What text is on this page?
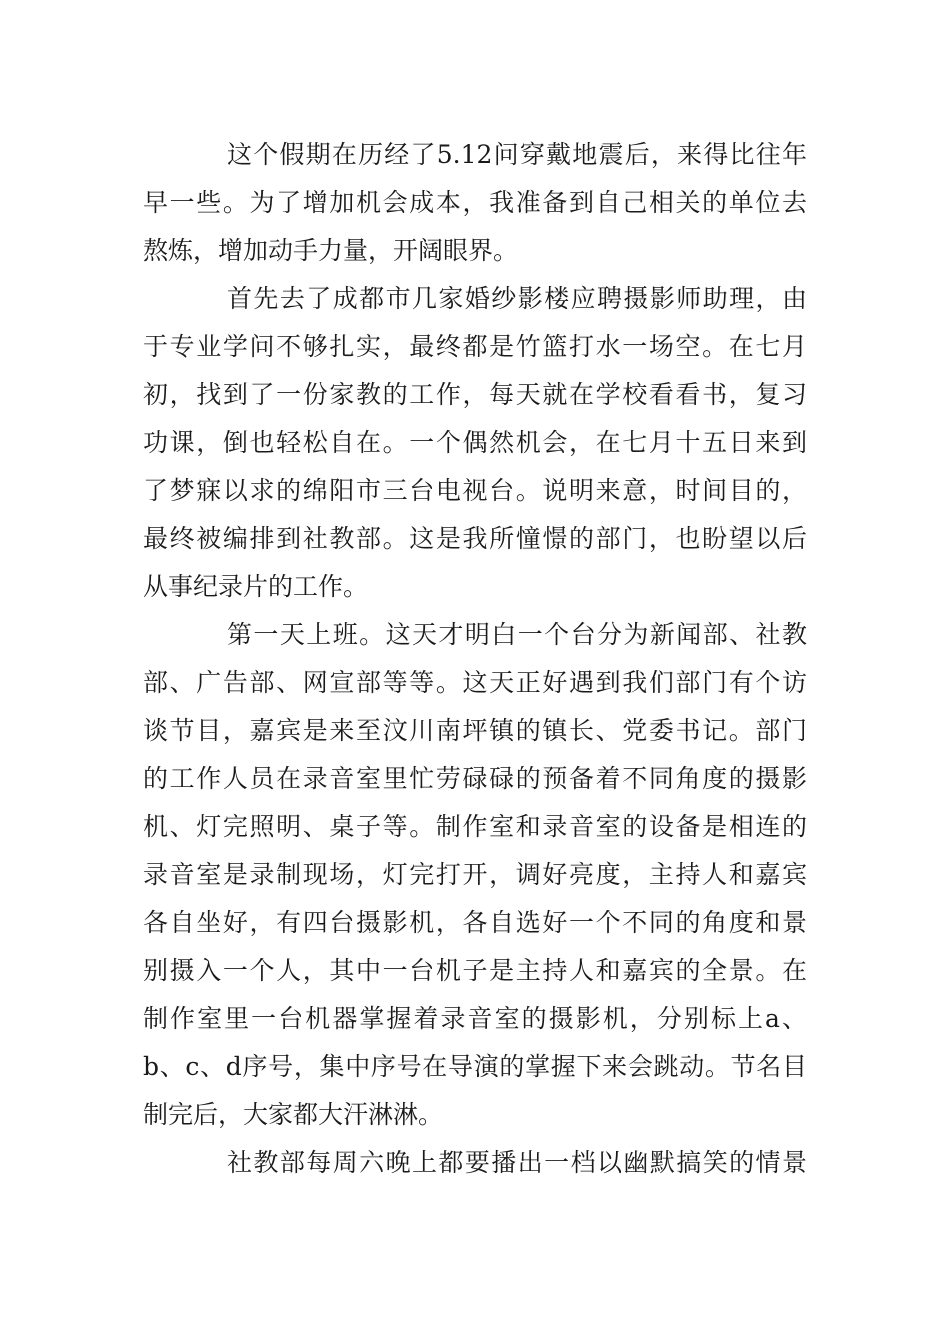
这个假期在历经了5.12问穿戴地震后，来得比往年
早一些。为了增加机会成本，我准备到自己相关的单位去
熬炼，增加动手力量，开阔眼界。
首先去了成都市几家婚纱影楼应聘摄影师助理，由
于专业学问不够扎实，最终都是竹篮打水一场空。在七月
初，找到了一份家教的工作，每天就在学校看看书，复习
功课，倒也轻松自在。一个偶然机会，在七月十五日来到
了梦寐以求的绵阳市三台电视台。说明来意，时间目的，
最终被编排到社教部。这是我所憧憬的部门，也盼望以后
从事纪录片的工作。
第一天上班。这天才明白一个台分为新闻部、社教
部、广告部、网宣部等等。这天正好遇到我们部门有个访
谈节目，嘉宾是来至汶川南坪镇的镇长、党委书记。部门
的工作人员在录音室里忙劳碌碌的预备着不同角度的摄影
机、灯完照明、桌子等。制作室和录音室的设备是相连的
录音室是录制现场，灯完打开，调好亮度，主持人和嘉宾
各自坐好，有四台摄影机，各自选好一个不同的角度和景
别摄入一个人，其中一台机子是主持人和嘉宾的全景。在
制作室里一台机器掌握着录音室的摄影机，分别标上a、
b、c、d序号，集中序号在导演的掌握下来会跳动。节名目
制完后，大家都大汗淋淋。
社教部每周六晚上都要播出一档以幽默搞笑的情景
